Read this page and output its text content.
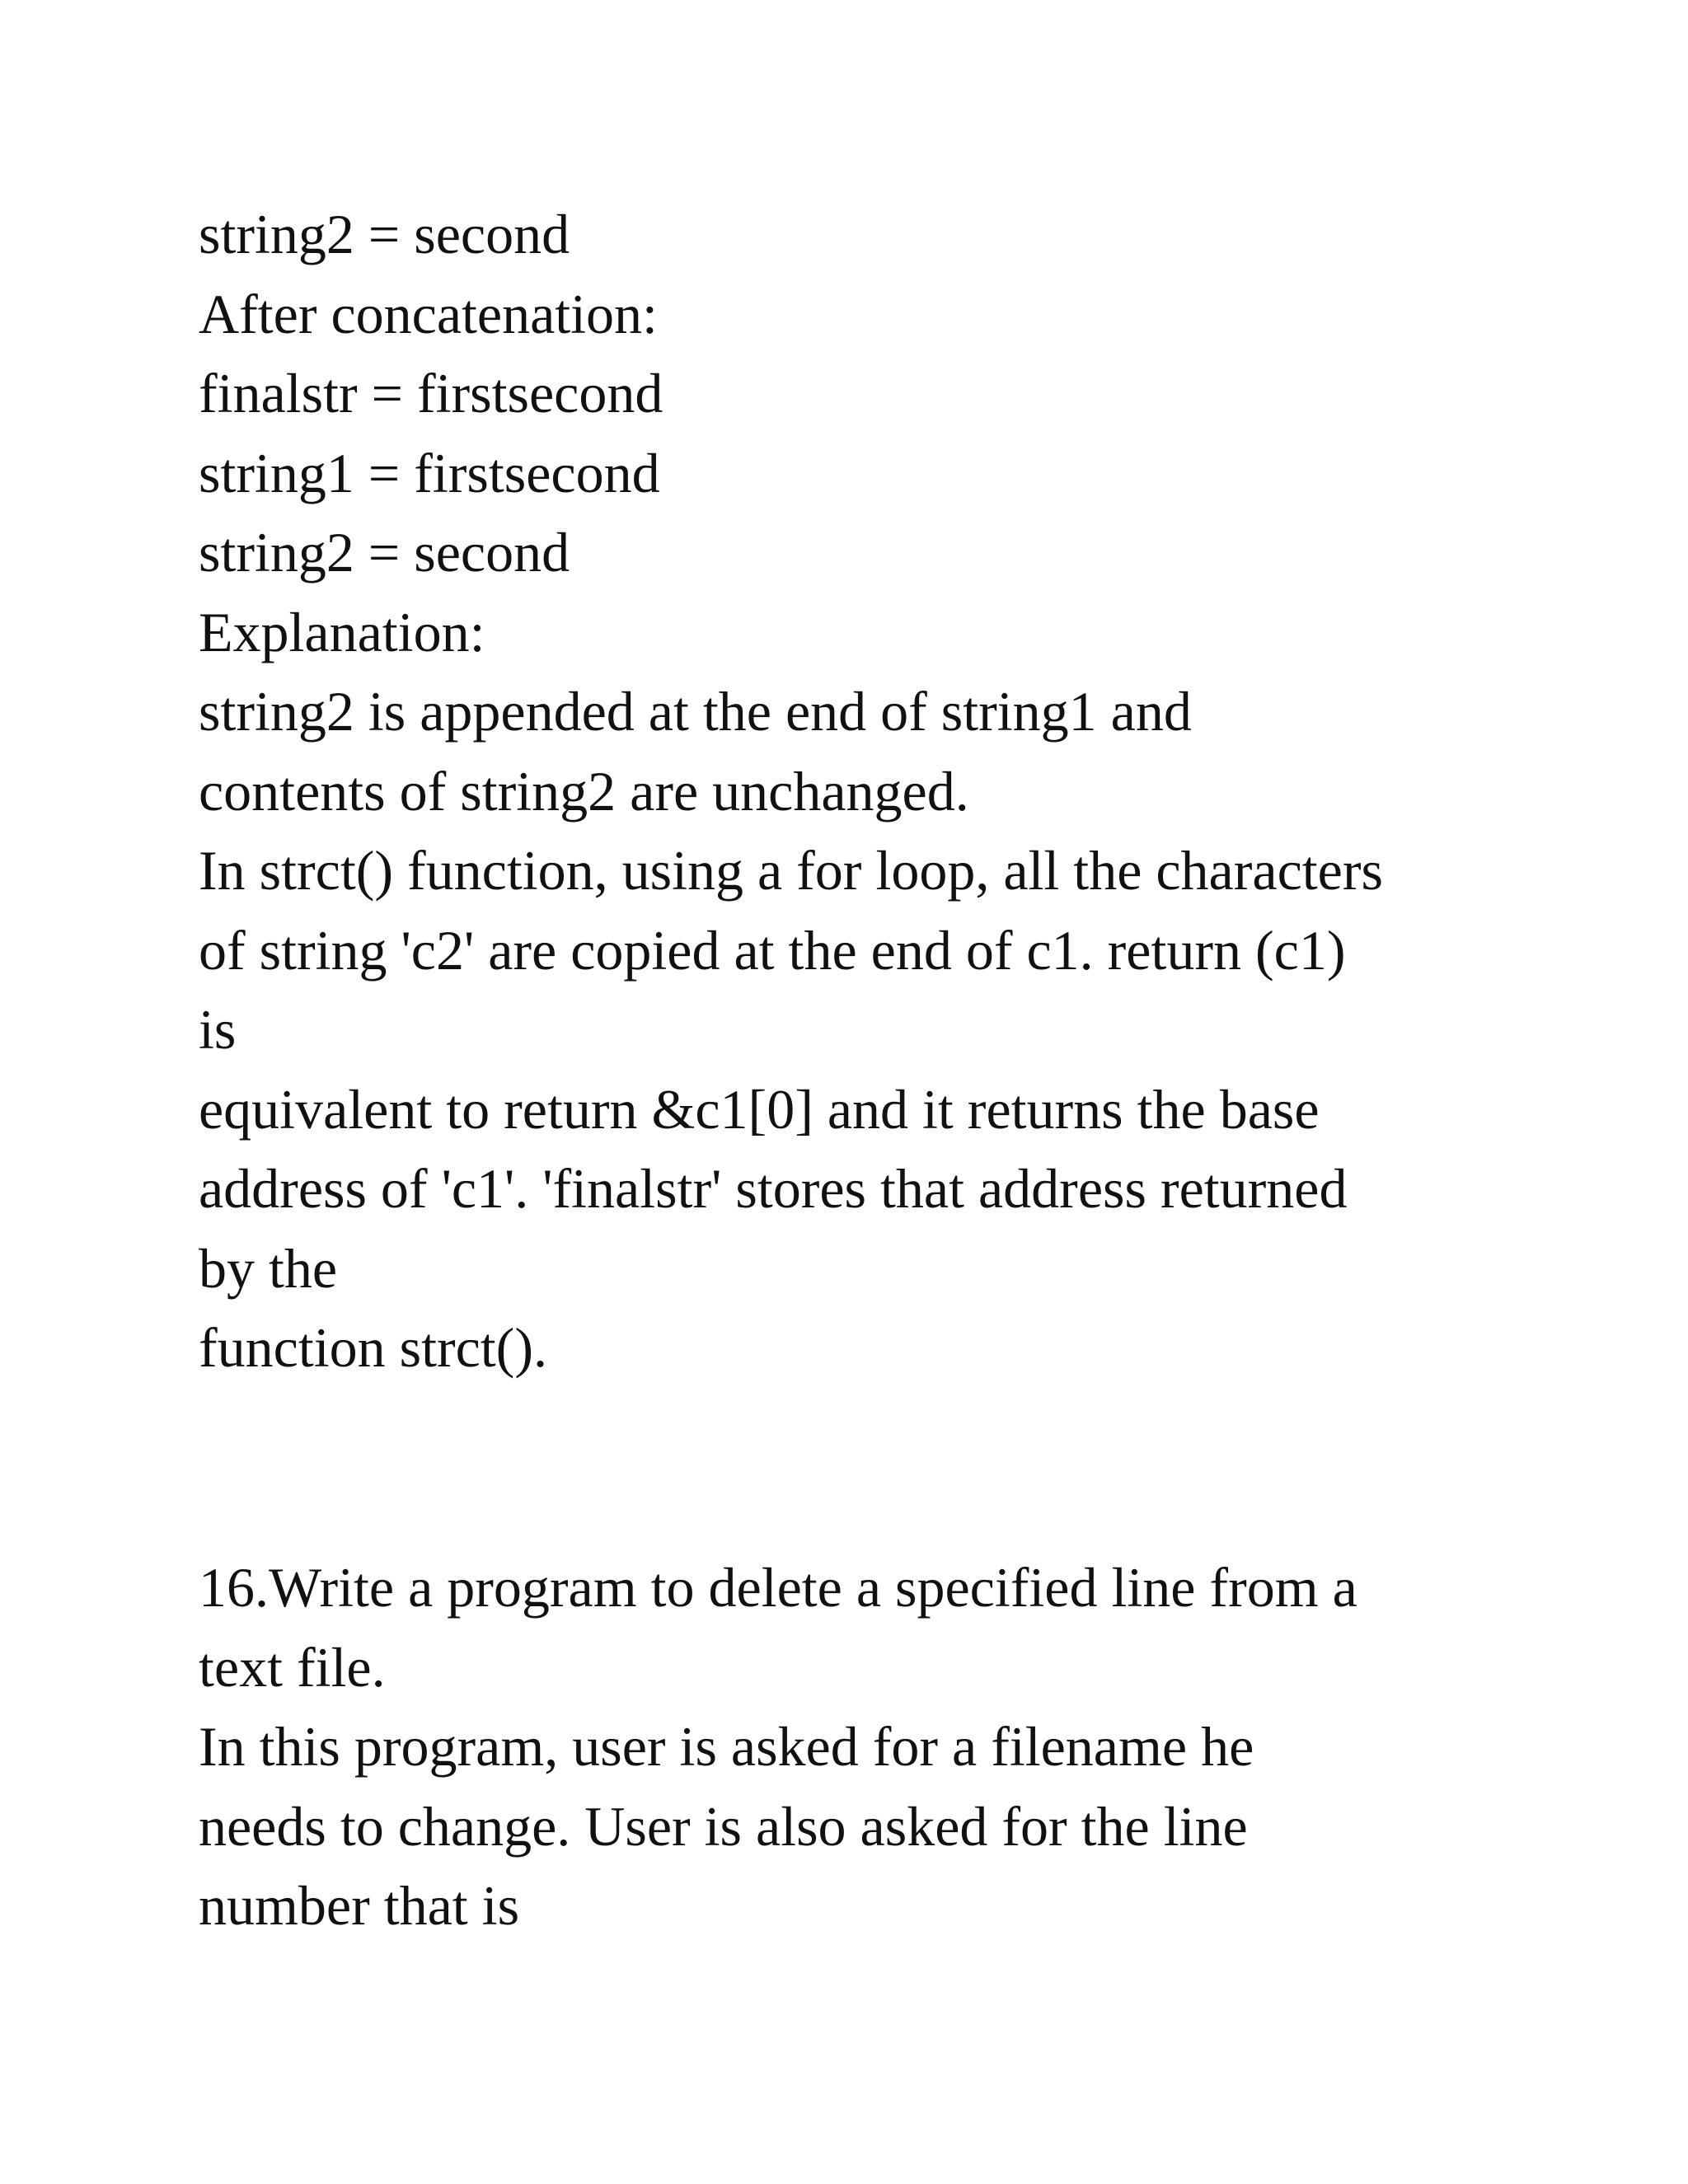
string2 = second

After concatenation:

finalstr = firstsecond

string1 = firstsecond

string2 = second

Explanation:

string2 is appended at the end of string1 and

contents of string2 are unchanged.

In strct() function, using a for loop, all the characters

of string 'c2' are copied at the end of c1. return (c1)

is

equivalent to return &c1[0] and it returns the base

address of 'c1'. 'finalstr' stores that address returned

by the

function strct().

16.Write a program to delete a specified line from a

text file.

In this program, user is asked for a filename he

needs to change. User is also asked for the line

number that is
